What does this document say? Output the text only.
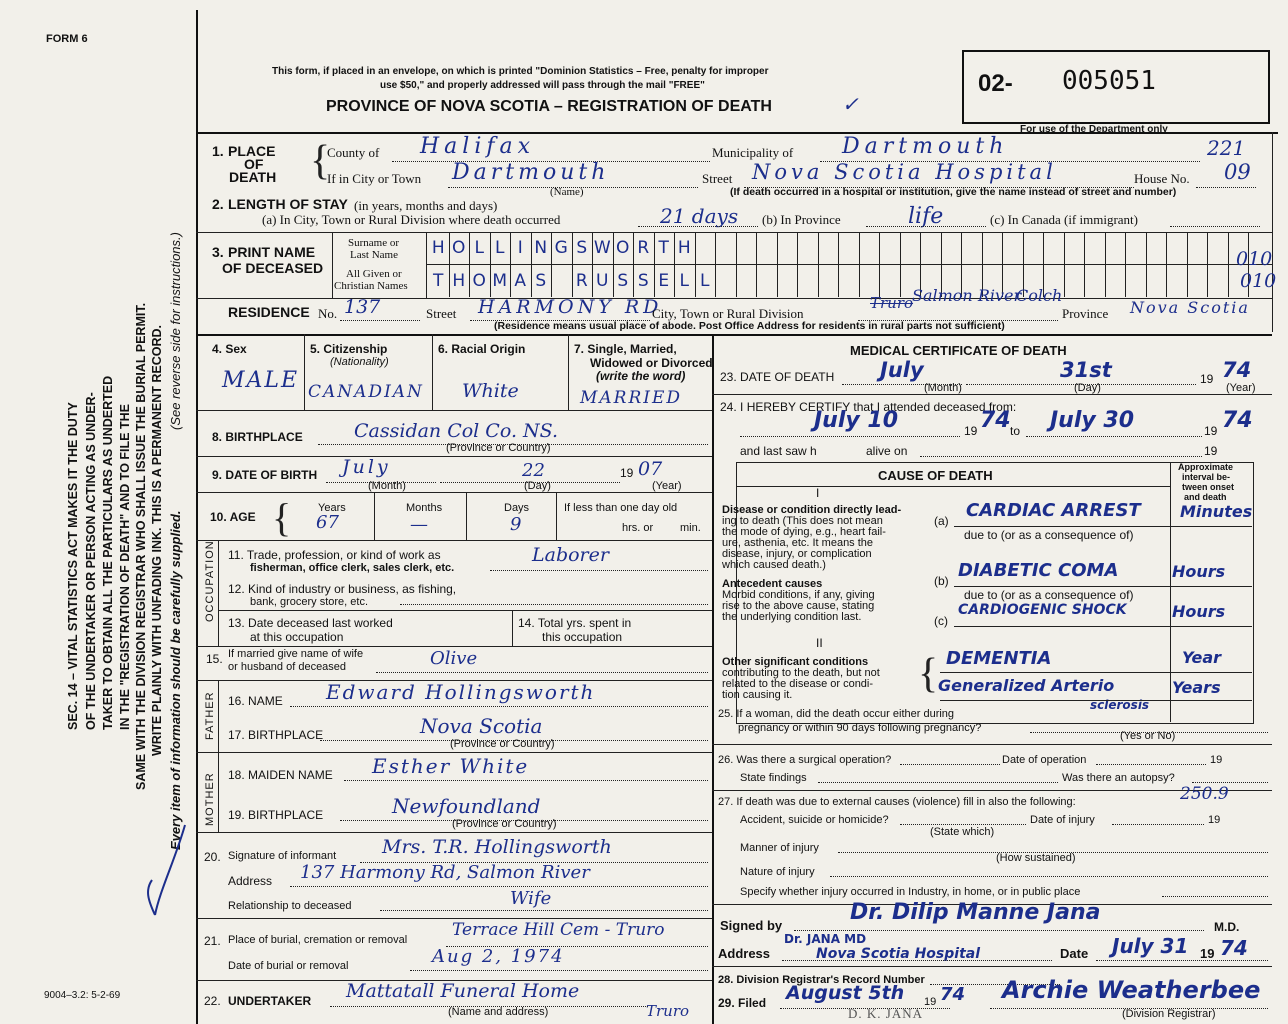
FORM 6
This form, if placed in an envelope, on which is printed "Dominion Statistics – Free, penalty for improper
use $50," and properly addressed will pass through the mail "FREE"
PROVINCE OF NOVA SCOTIA – REGISTRATION OF DEATH	✓
02- 005051
For use of the Department only
SEC. 14 – VITAL STATISTICS ACT MAKES IT THE DUTY OF THE UNDERTAKER OR PERSON ACTING AS UNDER- TAKER TO OBTAIN ALL THE PARTICULARS AS UNDERTED IN THE "REGISTRATION OF DEATH" AND TO FILE THE SAME WITH THE DIVISION REGISTRAR WHO SHALL ISSUE THE BURIAL PERMIT. WRITE PLAINLY WITH UNFADING INK. THIS IS A PERMANENT RECORD. Every item of information should be carefully supplied.
(See reverse side for instructions.)
9004–3.2: 5-2-69
1. PLACE
OF
DEATH {
County of Halifax	Municipality of Dartmouth	221
If in City or Town Dartmouth
(Name)
Street Nova Scotia Hospital	House No. 09
(If death occurred in a hospital or institution, give the name instead of street and number)
2. LENGTH OF STAY (in years, months and days)
(a) In City, Town or Rural Division where death occurred	21 days (b) In Province	life	(c) In Canada (if immigrant)
3. PRINT NAME
OF DECEASED
Surname or
Last Name
All Given or
Christian Names
H O L L I N G S W O R T H
T H O M A S	R U S S E L L
010
010
RESIDENCE No. 137	Street HARMONY RD
City, Town or Rural Division
Truro
Salmon River
Colch
Province Nova Scotia
(Residence means usual place of abode. Post Office Address for residents in rural parts not sufficient)
4. Sex
MALE
5. Citizenship
(Nationality)
CANADIAN
6. Racial Origin
White
7. Single, Married,
Widowed or Divorced
(write the word)
MARRIED
8. BIRTHPLACE	Cassidan Col Co. NS.
(Province or Country)
9. DATE OF BIRTH July
(Month)
22
(Day)
19 07
(Year)
10. AGE { Years
67
Months
—
Days
9
If less than one day old
hrs. or min.
OCCUPATION 11. Trade, profession, or kind of work as
fisherman, office clerk, sales clerk, etc.
Laborer
12. Kind of industry or business, as fishing,
bank, grocery store, etc.
13. Date deceased last worked
at this occupation
14. Total yrs. spent in
this occupation
15. If married give name of wife
or husband of deceased	Olive
FATHER 16. NAME Edward Hollingsworth
17. BIRTHPLACE	Nova Scotia
(Province or Country)
MOTHER 18. MAIDEN NAME Esther White
19. BIRTHPLACE	Newfoundland
(Province or Country)
20. Signature of informant Mrs. T.R. Hollingsworth
Address 137 Harmony Rd, Salmon River
Relationship to deceased	Wife
21. Place of burial, cremation or removal	Terrace Hill Cem - Truro
Date of burial or removal	Aug 2, 1974
22. UNDERTAKER Mattatall Funeral Home
Truro
(Name and address)
MEDICAL CERTIFICATE OF DEATH
23. DATE OF DEATH July
(Month)
31st
(Day)
19 74
(Year)
24. I HEREBY CERTIFY that I attended deceased from:
July 10	19 74 to July 30	19 74
and last saw h	alive on	19
CAUSE OF DEATH
Approximate
interval be-
tween onset
and death
I
Disease or condition directly lead-
ing to death (This does not mean
the mode of dying, e.g., heart fail-
ure, asthenia, etc. It means the
disease, injury, or complication
which caused death.)
Antecedent causes
Morbid conditions, if any, giving
rise to the above cause, stating
the underlying condition last.
(a) CARDIAC ARREST Minutes
due to (or as a consequence of)
(b) DIABETIC COMA	Hours
due to (or as a consequence of)
(c)
CARDIOGENIC SHOCK	Hours
II
Other significant conditions
contributing to the death, but not
related to the disease or condi-
tion causing it.	{ DEMENTIA	Year
Generalized Arterio
sclerosis
Years
25. If a woman, did the death occur either during
pregnancy or within 90 days following pregnancy?
(Yes or No)
26. Was there a surgical operation?	Date of operation	19
State findings	Was there an autopsy?
27. If death was due to external causes (violence) fill in also the following:	250.9
Accident, suicide or homicide?	Date of injury	19
(State which)
Manner of injury
(How sustained)
Nature of injury
Specify whether injury occurred in Industry, in home, or in public place
Signed by
Dr. Dilip Manne Jana
M.D.
Address
Dr. JANA MD
Nova Scotia Hospital	Date July 31 19 74
28. Division Registrar's Record Number
29. Filed August 5th 19 74 Archie Weatherbee
(Division Registrar)
D. K. JANA
